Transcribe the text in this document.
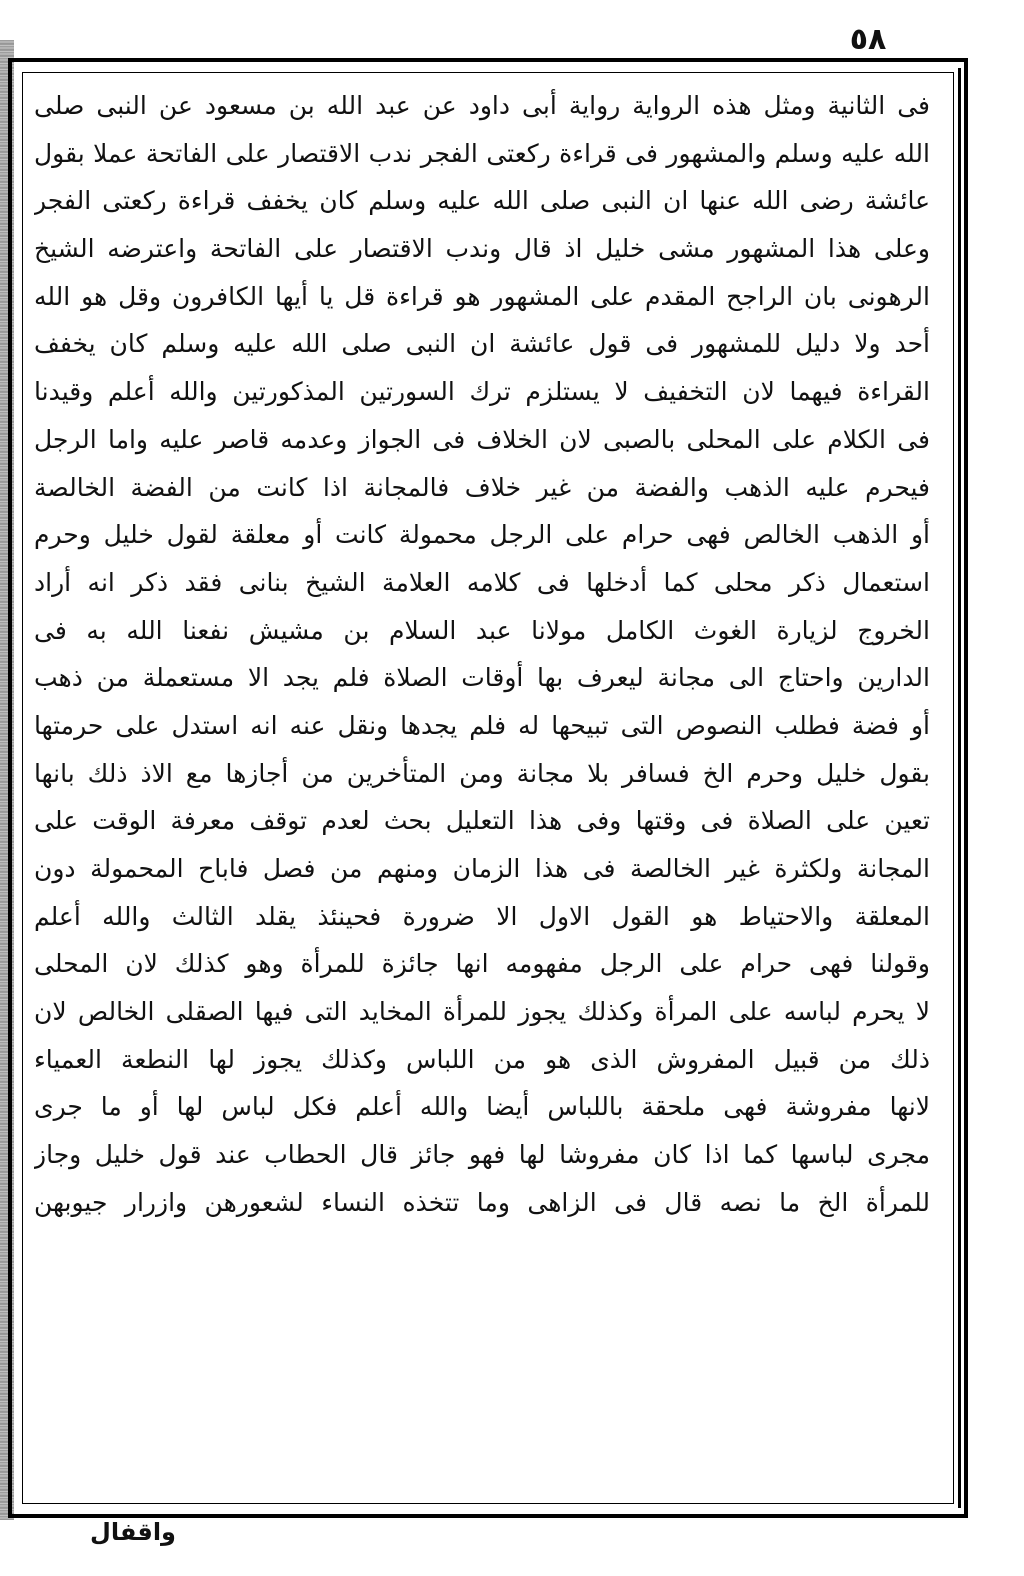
٥٨
فى الثانية ومثل هذه الرواية رواية أبى داود عن عبد الله بن مسعود عن النبى صلى
الله عليه وسلم والمشهور فى قراءة ركعتى الفجر ندب الاقتصار على الفاتحة عملا بقول
عائشة رضى الله عنها ان النبى صلى الله عليه وسلم كان يخفف قراءة ركعتى الفجر
وعلى هذا المشهور مشى خليل اذ قال وندب الاقتصار على الفاتحة واعترضه الشيخ
الرهونى بان الراجح المقدم على المشهور هو قراءة قل يا أيها الكافرون وقل هو الله
أحد ولا دليل للمشهور فى قول عائشة ان النبى صلى الله عليه وسلم كان يخفف
القراءة فيهما لان التخفيف لا يستلزم ترك السورتين المذكورتين والله أعلم وقيدنا
فى الكلام على المحلى بالصبى لان الخلاف فى الجواز وعدمه قاصر عليه واما الرجل
فيحرم عليه الذهب والفضة من غير خلاف فالمجانة اذا كانت من الفضة الخالصة
أو الذهب الخالص فهى حرام على الرجل محمولة كانت أو معلقة لقول خليل وحرم
استعمال ذكر محلى كما أدخلها فى كلامه العلامة الشيخ بنانى فقد ذكر انه أراد
الخروج لزيارة الغوث الكامل مولانا عبد السلام بن مشيش نفعنا الله به فى
الدارين واحتاج الى مجانة ليعرف بها أوقات الصلاة فلم يجد الا مستعملة من ذهب
أو فضة فطلب النصوص التى تبيحها له فلم يجدها ونقل عنه انه استدل على حرمتها
بقول خليل وحرم الخ فسافر بلا مجانة ومن المتأخرين من أجازها مع الاذ ذلك بانها
تعين على الصلاة فى وقتها وفى هذا التعليل بحث لعدم توقف معرفة الوقت على
المجانة ولكثرة غير الخالصة فى هذا الزمان ومنهم من فصل فاباح المحمولة دون
المعلقة والاحتياط هو القول الاول الا ضرورة فحينئذ يقلد الثالث والله أعلم
وقولنا فهى حرام على الرجل مفهومه انها جائزة للمرأة وهو كذلك لان المحلى
لا يحرم لباسه على المرأة وكذلك يجوز للمرأة المخايد التى فيها الصقلى الخالص لان
ذلك من قبيل المفروش الذى هو من اللباس وكذلك يجوز لها النطعة العمياء
لانها مفروشة فهى ملحقة باللباس أيضا والله أعلم فكل لباس لها أو ما جرى
مجرى لباسها كما اذا كان مفروشا لها فهو جائز قال الحطاب عند قول خليل وجاز
للمرأة الخ ما نصه قال فى الزاهى وما تتخذه النساء لشعورهن وازرار جيوبهن
واقفال
